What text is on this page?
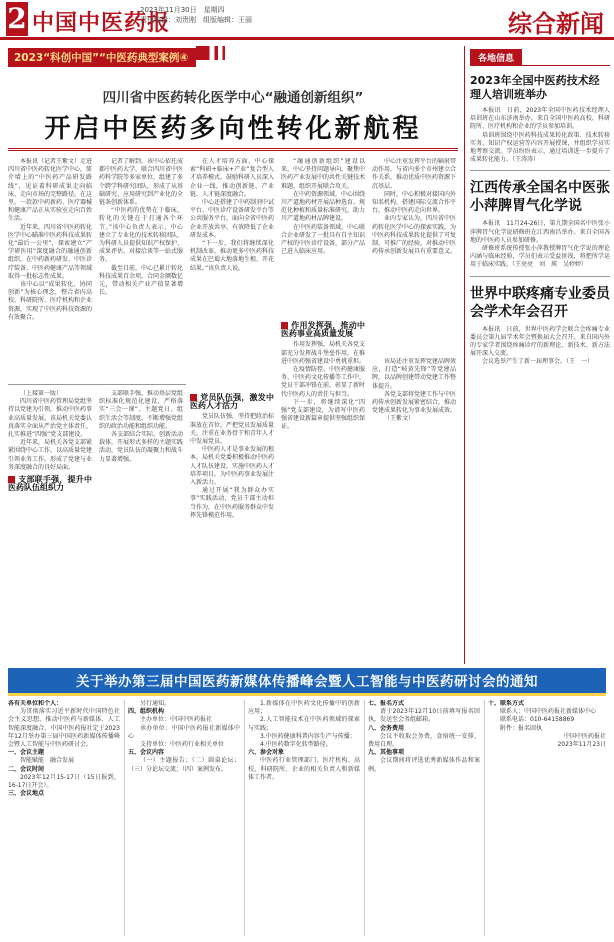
2 中国中医药报
2023年11月30日　 星期四
责任编辑：刘贵刚　组版编辑：王丽	综合新闻
2023“科创中国”“中医药典型案例④
四川省中医药转化医学中心“融通创新组织”
开启中医药多向性转化新航程

本报讯（记者王紫文）走进四川省中医药转化医学中心，简介墙上的“中医药产品研发路线”，见证着科研成果走向临床、走向市场的完整路径。在这里，一款款中药新药、医疗器械和健康产品正从实验室走向百姓生活。

近年来，四川省中医药转化医学中心瞄准中医药科技成果转化“最后一公里”，探索建立“产学研医用”深度融合的融通创新组织，在中药新药研发、中医诊疗装备、中医药健康产品等领域取得一批标志性成果。

该中心以“成果转化、协同创新”为核心理念，整合省内高校、科研院所、医疗机构和企业资源，实现了中医药科技资源的有效聚合。

记者了解到，该中心依托成都中医药大学，联合四川省中医药科学院等多家单位，组建了多个跨学科研究团队，形成了从基础研究、应用研究到产业化的全链条创新体系。

“中医药的优势在于临床，转化的关键在于打通各个环节。”该中心负责人表示，中心建立了专业化的技术转移团队，为科研人员提供知识产权保护、成果评估、对接洽谈等一站式服务。

截至目前，中心已累计转化科技成果百余项，合同金额数亿元，带动相关产业产值显著增长。

在人才培养方面，中心探索“科研+临床+产业”复合型人才培养模式，鼓励科研人员深入企业一线，推动创新链、产业链、人才链深度融合。

中心还搭建了中药制剂中试平台、中医诊疗设备研发平台等公共服务平台，面向全省中医药企业开放共享，有效降低了企业研发成本。

“下一步，我们将继续深化机制改革，推动更多中医药科技成果在巴蜀大地落地生根、开花结果。”该负责人说。

“融通创新组织”建设以来，中心坚持问题导向，聚焦中医药产业发展中的共性关键技术难题，组织开展联合攻关。

在中药资源领域，中心围绕川产道地药材开展品种选育、规范化种植和质量标准研究，助力川产道地药材品牌建设。

在中医药装备领域，中心联合企业研发了一批具有自主知识产权的中医诊疗设备，部分产品已进入临床应用。

中心注重发挥平台的辐射带动作用，与省内多个市州建立合作关系，推动优质中医药资源下沉基层。

同时，中心积极对接国内外知名机构，搭建国际交流合作平台，推动中医药走向世界。

业内专家认为，四川省中医药转化医学中心的探索实践，为中医药科技成果转化提供了可复制、可推广的经验，对推动中医药传承创新发展具有重要意义。

（上接第一版）

四川省中医药管理局党组坚持以党建为引领，推动中医药事业高质量发展。该局机关党委认真落实全面从严治党主体责任，扎实推进“四强”党支部建设。

近年来，局机关各党支部紧紧围绕中心工作，以高质量党建引领业务工作，形成了党建与业务深度融合的良好局面。

支部联手强，提升中医药队伍组织力

支部联手强，推动基层党组织标准化规范化建设，严格落实“三会一课”、主题党日、组织生活会等制度，不断增强党组织的政治功能和组织功能。

各支部结合实际，创新活动载体，开展形式多样的主题实践活动，党员队伍的凝聚力和战斗力显著增强。

党员队伍强，激发中医药人才活力

党员队伍强，坚持把政治标准放在首位，严把党员发展质量关，注重在业务骨干和青年人才中发展党员。

中医药人才是事业发展的根本，局机关党委积极推动中医药人才队伍建设，实施中医药人才培养项目，为中医药事业发展注入新活力。

通过开展“我为群众办实事”实践活动，党员干部主动担当作为，在中医药服务群众中发挥先锋模范作用。

作用发挥强，推动中医药事业高质量发展

作用发挥强，局机关各党支部充分发挥战斗堡垒作用，在推进中医药强省建设中勇挑重担。

在疫情防控、中医药健康服务、中医药文化传播等工作中，党员干部冲锋在前，彰显了新时代中医药人的责任与担当。

下一步，将继续深化“四强”党支部建设，为谱写中医药强省建设新篇章提供坚强组织保证。

该局还注重发挥党建品牌效应，打造“岐黄先锋”等党建品牌，以品牌创建带动党建工作整体提升。

各党支部将党建工作与中医药传承创新发展紧密结合，推动党建成果转化为事业发展成效。

（王紫文）

各地信息
2023年全国中医药技术经理人培训班举办

本报讯　日前，2023年全国中医药技术经理人培训班在山东济南举办。来自全国中医药高校、科研院所、医疗机构和企业的学员参加培训。

培训班围绕中医药科技成果转化政策、技术转移实务、知识产权运营等内容开展授课，并组织学员实地考察交流。学员纷纷表示，通过培训进一步提升了成果转化能力。（王涛涛）

江西传承全国名中医张小萍脾胃气化学说

本报讯　11月24-26日，第九期全国名中医张小萍脾胃气化学说研修班在江西南昌举办。来自全国各地的中医药人员参加研修。

研修班系统传授张小萍教授脾胃气化学说的理论内涵与临床经验，学员们表示受益匪浅，将把所学运用于临床实践。（王亮亮　刘　瑛　吴婷婷）

世界中联疼痛专业委员会学术年会召开

本报讯　日前，世界中医药学会联合会疼痛专业委员会第九届学术年会暨换届大会召开。来自国内外的专家学者围绕疼痛诊疗的新理论、新技术、新方法展开深入交流。

会议选举产生了新一届理事会。（王　一）

关于举办第三届中国医药新媒体传播峰会暨人工智能与中医药研讨会的通知

各有关单位和个人：

为贯彻落实习近平新时代中国特色社会主义思想，推动中医药与新媒体、人工智能深度融合，中国中医药报社定于2023年12月举办第三届中国医药新媒体传播峰会暨人工智能与中医药研讨会。

一、会议主题

智能赋能　融合发展

二、会议时间

2023年12月15-17日（15日报到，16-17日开会）。

三、会议地点

另行通知。

四、组织机构

主办单位：中国中医药报社

承办单位：中国中医药报社新媒体中心

支持单位：中医药行业相关单位

五、会议内容

（一）主题报告；（二）圆桌论坛；（三）分论坛交流；（四）案例发布。

1.新媒体在中医药文化传播中的创新应用；

2.人工智能技术在中医药领域的探索与实践；

3.中医药健康科普内容生产与传播；

4.中医药数字化转型路径。

六、参会对象

中医药行业管理部门、医疗机构、高校、科研院所、企业的相关负责人和新媒体工作者。

七、报名方式

请于2023年12月10日前填写报名回执，发送至会务组邮箱。

八、会务费用

会议不收取会务费，食宿统一安排，费用自理。

九、其他事项

会议期间将评选优秀新媒体作品和案例。

十、联系方式

联系人：中国中医药报社新媒体中心

联系电话：010-64158869

附件：报名回执

中国中医药报社

2023年11月23日
